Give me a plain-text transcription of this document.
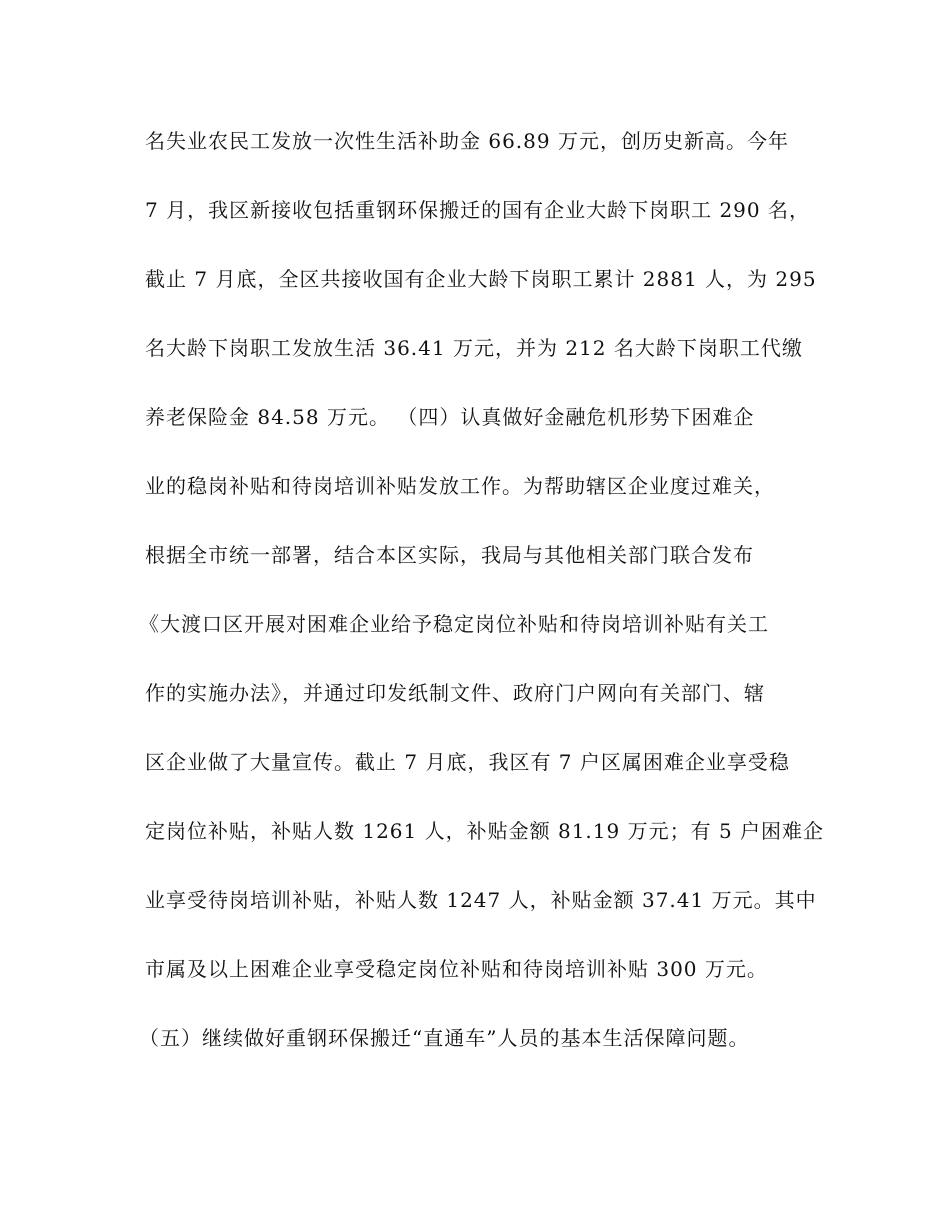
名失业农民工发放一次性生活补助金 66.89 万元，创历史新高。今年
7 月，我区新接收包括重钢环保搬迁的国有企业大龄下岗职工 290 名，
截止 7 月底，全区共接收国有企业大龄下岗职工累计 2881 人，为 295
名大龄下岗职工发放生活 36.41 万元，并为 212 名大龄下岗职工代缴
养老保险金 84.58 万元。 （四）认真做好金融危机形势下困难企
业的稳岗补贴和待岗培训补贴发放工作。为帮助辖区企业度过难关，
根据全市统一部署，结合本区实际，我局与其他相关部门联合发布
《大渡口区开展对困难企业给予稳定岗位补贴和待岗培训补贴有关工
作的实施办法》，并通过印发纸制文件、政府门户网向有关部门、辖
区企业做了大量宣传。截止 7 月底，我区有 7 户区属困难企业享受稳
定岗位补贴，补贴人数 1261 人，补贴金额 81.19 万元；有 5 户困难企
业享受待岗培训补贴，补贴人数 1247 人，补贴金额 37.41 万元。其中
市属及以上困难企业享受稳定岗位补贴和待岗培训补贴 300 万元。
（五）继续做好重钢环保搬迁“直通车”人员的基本生活保障问题。
